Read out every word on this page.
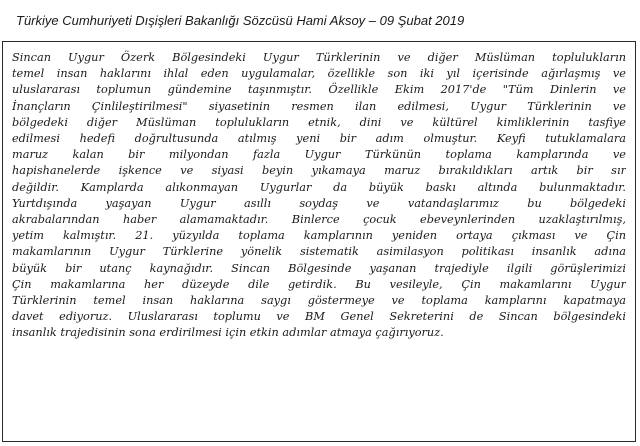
Türkiye Cumhuriyeti Dışişleri Bakanlığı Sözcüsü Hami Aksoy – 09 Şubat 2019

Sincan Uygur Özerk Bölgesindeki Uygur Türklerinin ve diğer Müslüman toplulukların
temel insan haklarını ihlal eden uygulamalar, özellikle son iki yıl içerisinde ağırlaşmış ve
uluslararası toplumun gündemine taşınmıştır. Özellikle Ekim 2017'de "Tüm Dinlerin ve
İnançların Çinlileştirilmesi" siyasetinin resmen ilan edilmesi, Uygur Türklerinin ve
bölgedeki diğer Müslüman toplulukların etnik, dini ve kültürel kimliklerinin tasfiye
edilmesi hedefi doğrultusunda atılmış yeni bir adım olmuştur. Keyfi tutuklamalara
maruz kalan bir milyondan fazla Uygur Türkünün toplama kamplarında ve
hapishanelerde işkence ve siyasi beyin yıkamaya maruz bırakıldıkları artık bir sır
değildir. Kamplarda alıkonmayan Uygurlar da büyük baskı altında bulunmaktadır.
Yurtdışında yaşayan Uygur asıllı soydaş ve vatandaşlarımız bu bölgedeki
akrabalarından haber alamamaktadır. Binlerce çocuk ebeveynlerinden uzaklaştırılmış,
yetim kalmıştır. 21. yüzyılda toplama kamplarının yeniden ortaya çıkması ve Çin
makamlarının Uygur Türklerine yönelik sistematik asimilasyon politikası insanlık adına
büyük bir utanç kaynağıdır. Sincan Bölgesinde yaşanan trajediyle ilgili görüşlerimizi
Çin makamlarına her düzeyde dile getirdik. Bu vesileyle, Çin makamlarını Uygur
Türklerinin temel insan haklarına saygı göstermeye ve toplama kamplarını kapatmaya
davet ediyoruz. Uluslararası toplumu ve BM Genel Sekreterini de Sincan bölgesindeki
insanlık trajedisinin sona erdirilmesi için etkin adımlar atmaya çağırıyoruz.
